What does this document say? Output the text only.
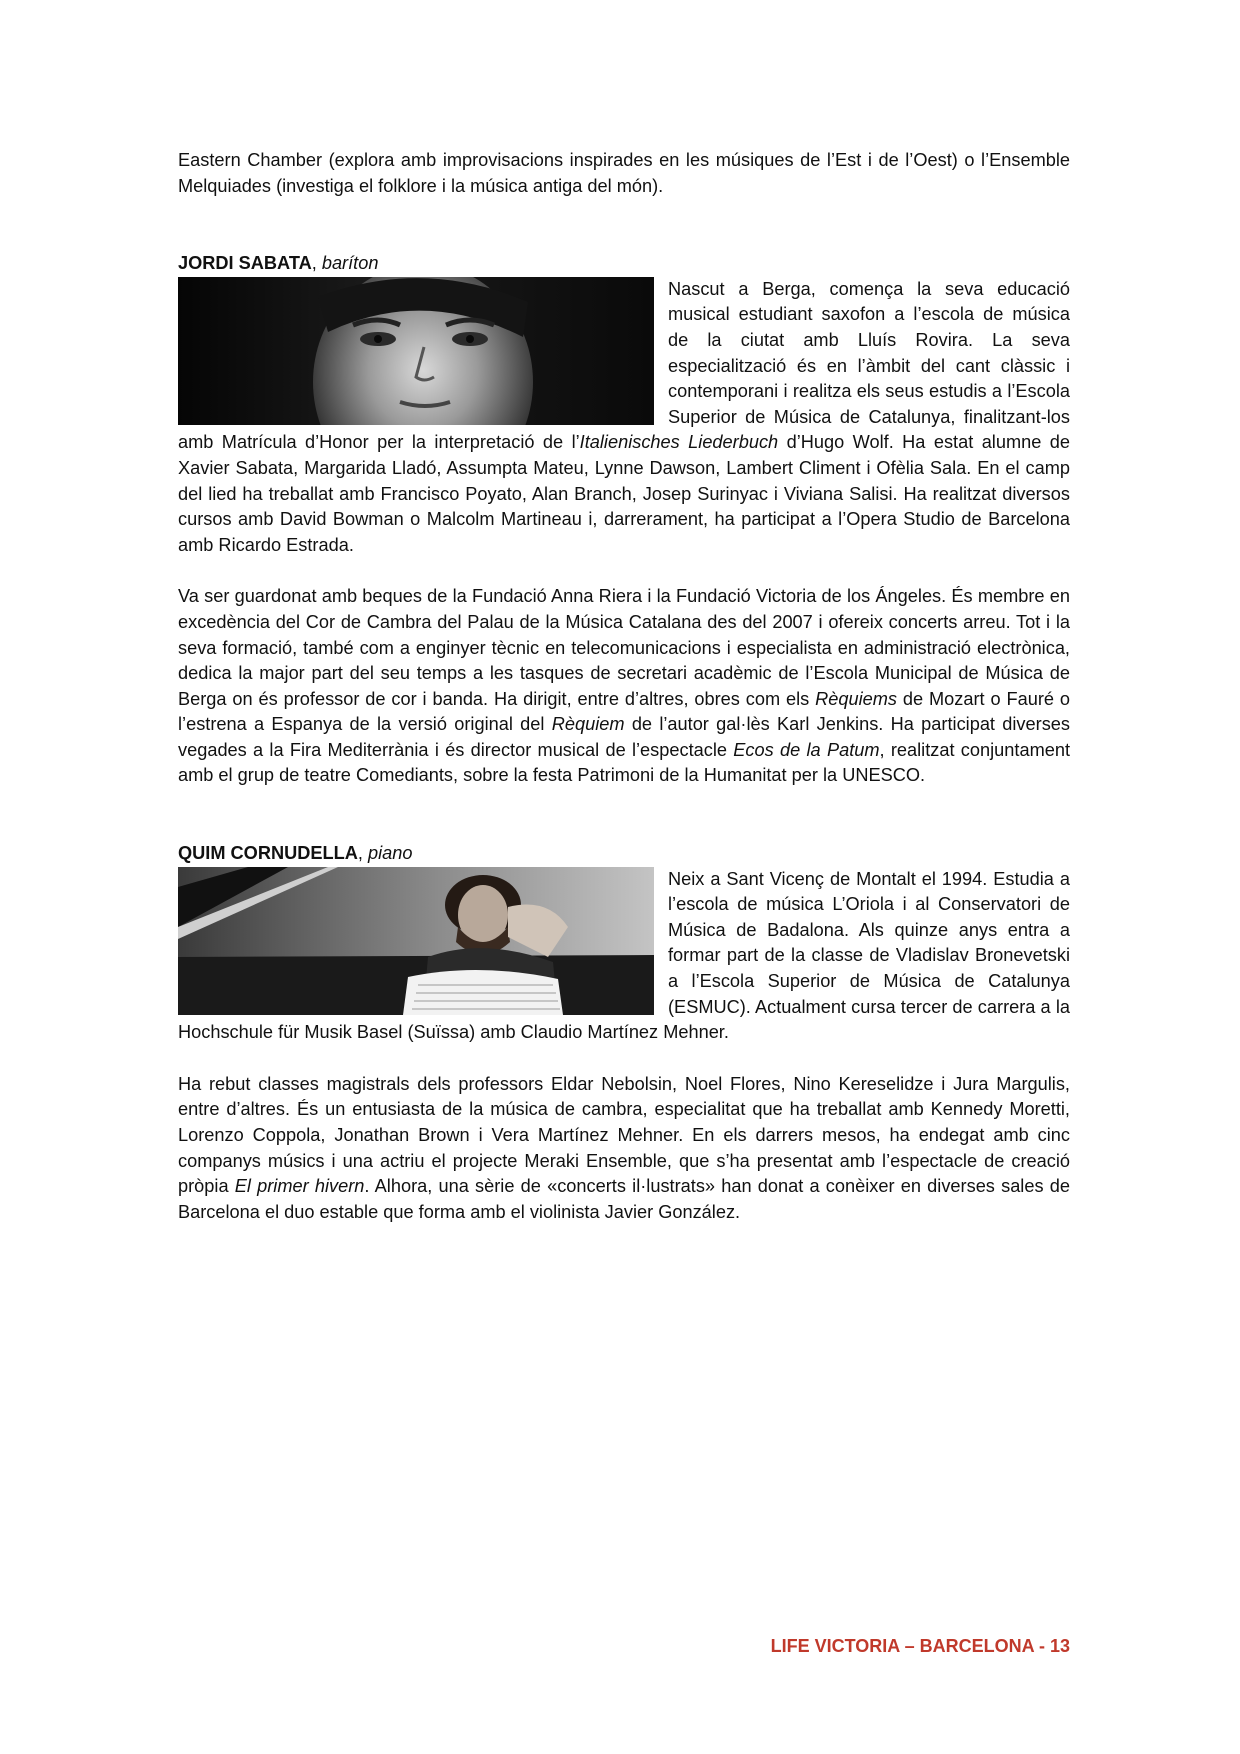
Eastern Chamber (explora amb improvisacions inspirades en les músiques de l’Est i de l’Oest) o l’Ensemble Melquiades (investiga el folklore i la música antiga del món).

JORDI SABATA, baríton

Nascut a Berga, comença la seva educació musical estudiant saxofon a l’escola de música de la ciutat amb Lluís Rovira. La seva especialització és en l’àmbit del cant clàssic i contemporani i realitza els seus estudis a l’Escola Superior de Música de Catalunya, finalitzant-los amb Matrícula d’Honor per la interpretació de l’Italienisches Liederbuch d’Hugo Wolf. Ha estat alumne de Xavier Sabata, Margarida Lladó, Assumpta Mateu, Lynne Dawson, Lambert Climent i Ofèlia Sala. En el camp del lied ha treballat amb Francisco Poyato, Alan Branch, Josep Surinyac i Viviana Salisi. Ha realitzat diversos cursos amb David Bowman o Malcolm Martineau i, darrerament, ha participat a l’Opera Studio de Barcelona amb Ricardo Estrada.

Va ser guardonat amb beques de la Fundació Anna Riera i la Fundació Victoria de los Ángeles. És membre en excedència del Cor de Cambra del Palau de la Música Catalana des del 2007 i ofereix concerts arreu. Tot i la seva formació, també com a enginyer tècnic en telecomunicacions i especialista en administració electrònica, dedica la major part del seu temps a les tasques de secretari acadèmic de l’Escola Municipal de Música de Berga on és professor de cor i banda. Ha dirigit, entre d’altres, obres com els Rèquiems de Mozart o Fauré o l’estrena a Espanya de la versió original del Rèquiem de l’autor gal·lès Karl Jenkins. Ha participat diverses vegades a la Fira Mediterrània i és director musical de l’espectacle Ecos de la Patum, realitzat conjuntament amb el grup de teatre Comediants, sobre la festa Patrimoni de la Humanitat per la UNESCO.

QUIM CORNUDELLA, piano

Neix a Sant Vicenç de Montalt el 1994. Estudia a l’escola de música L’Oriola i al Conservatori de Música de Badalona. Als quinze anys entra a formar part de la classe de Vladislav Bronevetski a l’Escola Superior de Música de Catalunya (ESMUC). Actualment cursa tercer de carrera a la Hochschule für Musik Basel (Suïssa) amb Claudio Martínez Mehner.

Ha rebut classes magistrals dels professors Eldar Nebolsin, Noel Flores, Nino Kereselidze i Jura Margulis, entre d’altres. És un entusiasta de la música de cambra, especialitat que ha treballat amb Kennedy Moretti, Lorenzo Coppola, Jonathan Brown i Vera Martínez Mehner. En els darrers mesos, ha endegat amb cinc companys músics i una actriu el projecte Meraki Ensemble, que s’ha presentat amb l’espectacle de creació pròpia El primer hivern. Alhora, una sèrie de «concerts il·lustrats» han donat a conèixer en diverses sales de Barcelona el duo estable que forma amb el violinista Javier González.

LIFE VICTORIA – BARCELONA - 13
